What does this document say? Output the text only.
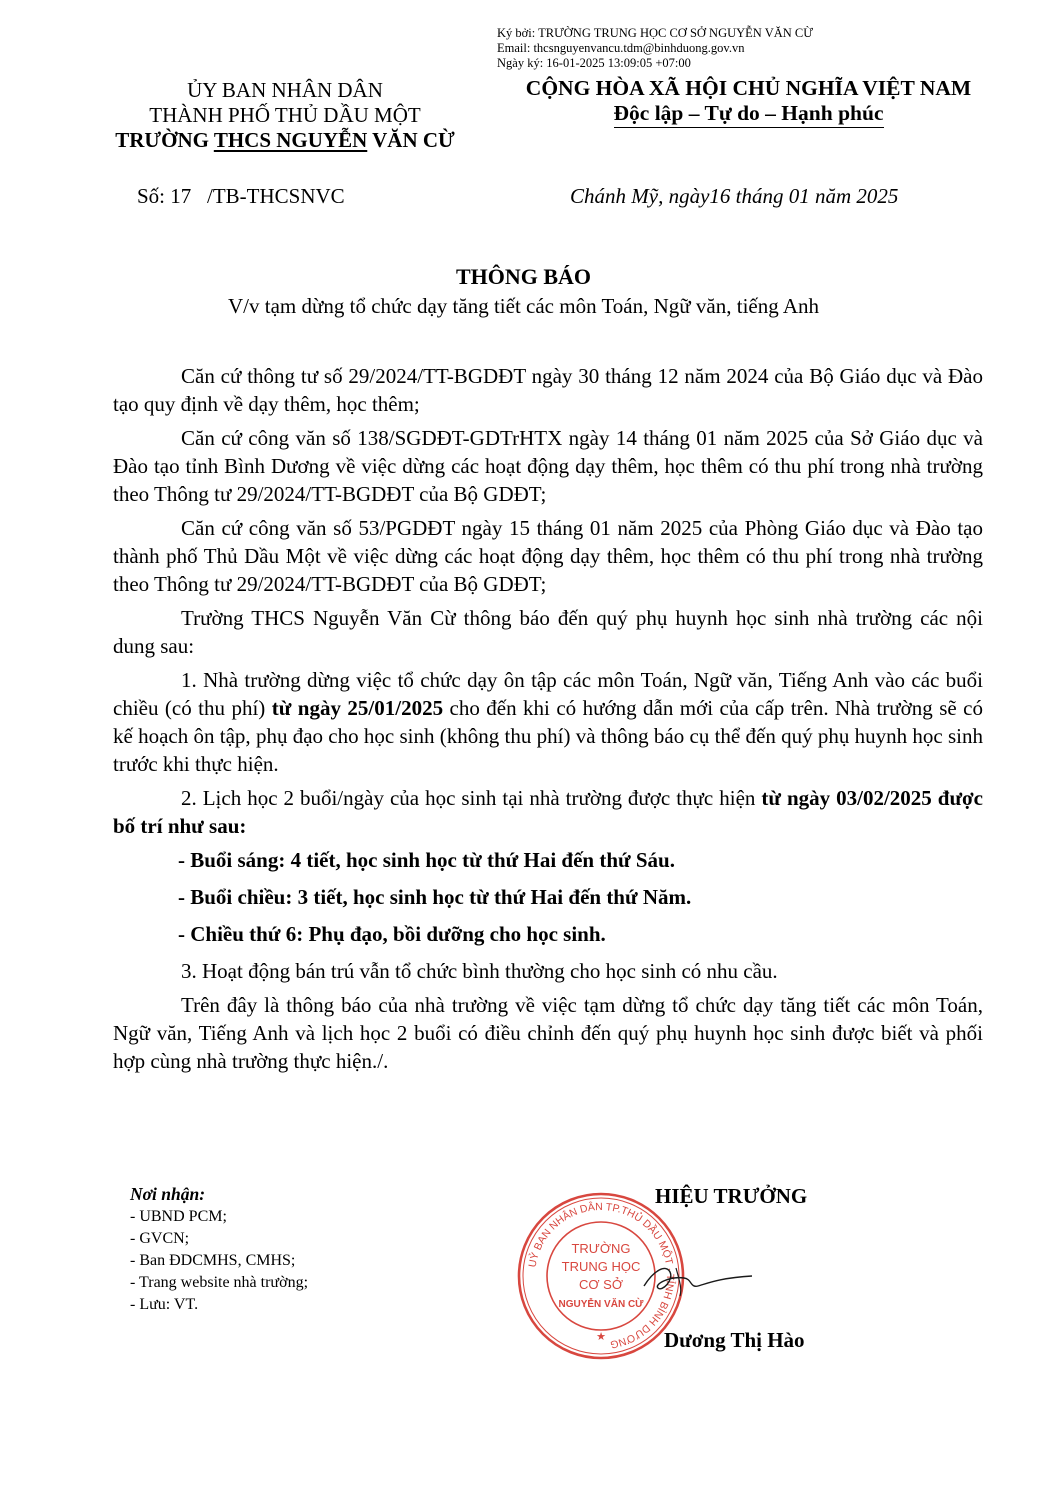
Ký bởi: TRƯỜNG TRUNG HỌC CƠ SỞ NGUYỄN VĂN CỪ
Email: thcsnguyenvancu.tdm@binhduong.gov.vn
Ngày ký: 16-01-2025 13:09:05 +07:00
ỦY BAN NHÂN DÂN
THÀNH PHỐ THỦ DẦU MỘT
TRƯỜNG THCS NGUYỄN VĂN CỪ
CỘNG HÒA XÃ HỘI CHỦ NGHĨA VIỆT NAM
Độc lập – Tự do – Hạnh phúc
Số: 17   /TB-THCSNVC	Chánh Mỹ, ngày16 tháng 01 năm 2025
THÔNG BÁO
V/v tạm dừng tổ chức dạy tăng tiết các môn Toán, Ngữ văn, tiếng Anh

Căn cứ thông tư số 29/2024/TT-BGDĐT ngày 30 tháng 12 năm 2024 của Bộ Giáo dục và Đào tạo quy định về dạy thêm, học thêm;

Căn cứ công văn số 138/SGDĐT-GDTrHTX ngày 14 tháng 01 năm 2025 của Sở Giáo dục và Đào tạo tỉnh Bình Dương về việc dừng các hoạt động dạy thêm, học thêm có thu phí trong nhà trường theo Thông tư 29/2024/TT-BGDĐT của Bộ GDĐT;

Căn cứ công văn số 53/PGDĐT ngày 15 tháng 01 năm 2025 của Phòng Giáo dục và Đào tạo thành phố Thủ Dầu Một về việc dừng các hoạt động dạy thêm, học thêm có thu phí trong nhà trường theo Thông tư 29/2024/TT-BGDĐT của Bộ GDĐT;

Trường THCS Nguyễn Văn Cừ thông báo đến quý phụ huynh học sinh nhà trường các nội dung sau:

1. Nhà trường dừng việc tổ chức dạy ôn tập các môn Toán, Ngữ văn, Tiếng Anh vào các buổi chiều (có thu phí) từ ngày 25/01/2025 cho đến khi có hướng dẫn mới của cấp trên. Nhà trường sẽ có kế hoạch ôn tập, phụ đạo cho học sinh (không thu phí) và thông báo cụ thể đến quý phụ huynh học sinh trước khi thực hiện.

2. Lịch học 2 buổi/ngày của học sinh tại nhà trường được thực hiện từ ngày 03/02/2025 được bố trí như sau:

- Buổi sáng: 4 tiết, học sinh học từ thứ Hai đến thứ Sáu.

- Buổi chiều: 3 tiết, học sinh học từ thứ Hai đến thứ Năm.

- Chiều thứ 6: Phụ đạo, bồi dưỡng cho học sinh.

3. Hoạt động bán trú vẫn tổ chức bình thường cho học sinh có nhu cầu.

Trên đây là thông báo của nhà trường về việc tạm dừng tổ chức dạy tăng tiết các môn Toán, Ngữ văn, Tiếng Anh và lịch học 2 buổi có điều chỉnh đến quý phụ huynh học sinh được biết và phối hợp cùng nhà trường thực hiện./.

Nơi nhận:
- UBND PCM;
- GVCN;
- Ban ĐDCMHS, CMHS;
- Trang website nhà trường;
- Lưu: VT.
HIỆU TRƯỞNG
UỶ BAN NHÂN DÂN TP.THỦ DẦU MỘT · TỈNH BÌNH DƯƠNG
TRƯỜNG
TRUNG HỌC
CƠ SỞ
NGUYỄN VĂN CỪ
★	Dương Thị Hào
